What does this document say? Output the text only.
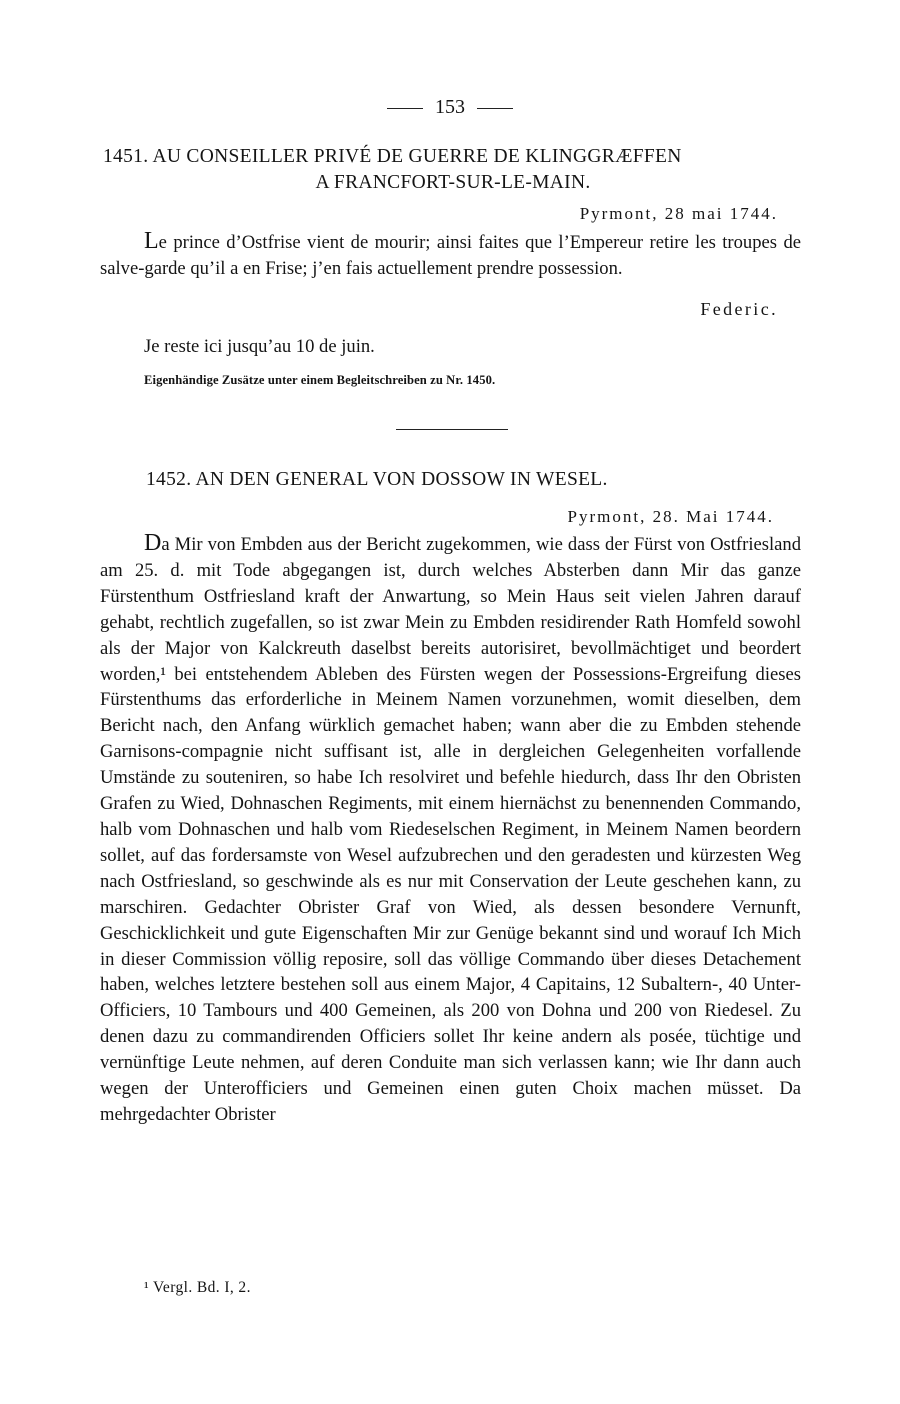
153
1451. AU CONSEILLER PRIVÉ DE GUERRE DE KLINGGRÆFFEN
A FRANCFORT-SUR-LE-MAIN.
Pyrmont, 28 mai 1744.
Le prince d’Ostfrise vient de mourir; ainsi faites que l’Empereur retire les troupes de salve-garde qu’il a en Frise; j’en fais actuellement prendre possession.
Federic.
Je reste ici jusqu’au 10 de juin.
Eigenhändige Zusätze unter einem Begleitschreiben zu Nr. 1450.
1452. AN DEN GENERAL VON DOSSOW IN WESEL.
Pyrmont, 28. Mai 1744.
Da Mir von Embden aus der Bericht zugekommen, wie dass der Fürst von Ostfriesland am 25. d. mit Tode abgegangen ist, durch welches Absterben dann Mir das ganze Fürstenthum Ostfriesland kraft der Anwartung, so Mein Haus seit vielen Jahren darauf gehabt, rechtlich zugefallen, so ist zwar Mein zu Embden residirender Rath Homfeld sowohl als der Major von Kalckreuth daselbst bereits autorisiret, bevollmächtiget und beordert worden,¹ bei entstehendem Ableben des Fürsten wegen der Possessions-Ergreifung dieses Fürstenthums das erforderliche in Meinem Namen vorzunehmen, womit dieselben, dem Bericht nach, den Anfang würklich gemachet haben; wann aber die zu Embden stehende Garnisons-compagnie nicht suffisant ist, alle in dergleichen Gelegenheiten vorfallende Umstände zu souteniren, so habe Ich resolviret und befehle hiedurch, dass Ihr den Obristen Grafen zu Wied, Dohnaschen Regiments, mit einem hiernächst zu benennenden Commando, halb vom Dohnaschen und halb vom Riedeselschen Regiment, in Meinem Namen beordern sollet, auf das fordersamste von Wesel aufzubrechen und den geradesten und kürzesten Weg nach Ostfriesland, so geschwinde als es nur mit Conservation der Leute geschehen kann, zu marschiren. Gedachter Obrister Graf von Wied, als dessen besondere Vernunft, Geschicklichkeit und gute Eigenschaften Mir zur Genüge bekannt sind und worauf Ich Mich in dieser Commission völlig reposire, soll das völlige Commando über dieses Detachement haben, welches letztere bestehen soll aus einem Major, 4 Capitains, 12 Subaltern-, 40 Unter-Officiers, 10 Tambours und 400 Gemeinen, als 200 von Dohna und 200 von Riedesel. Zu denen dazu zu commandirenden Officiers sollet Ihr keine andern als posée, tüchtige und vernünftige Leute nehmen, auf deren Conduite man sich verlassen kann; wie Ihr dann auch wegen der Unterofficiers und Gemeinen einen guten Choix machen müsset. Da mehrgedachter Obrister
¹ Vergl. Bd. I, 2.
